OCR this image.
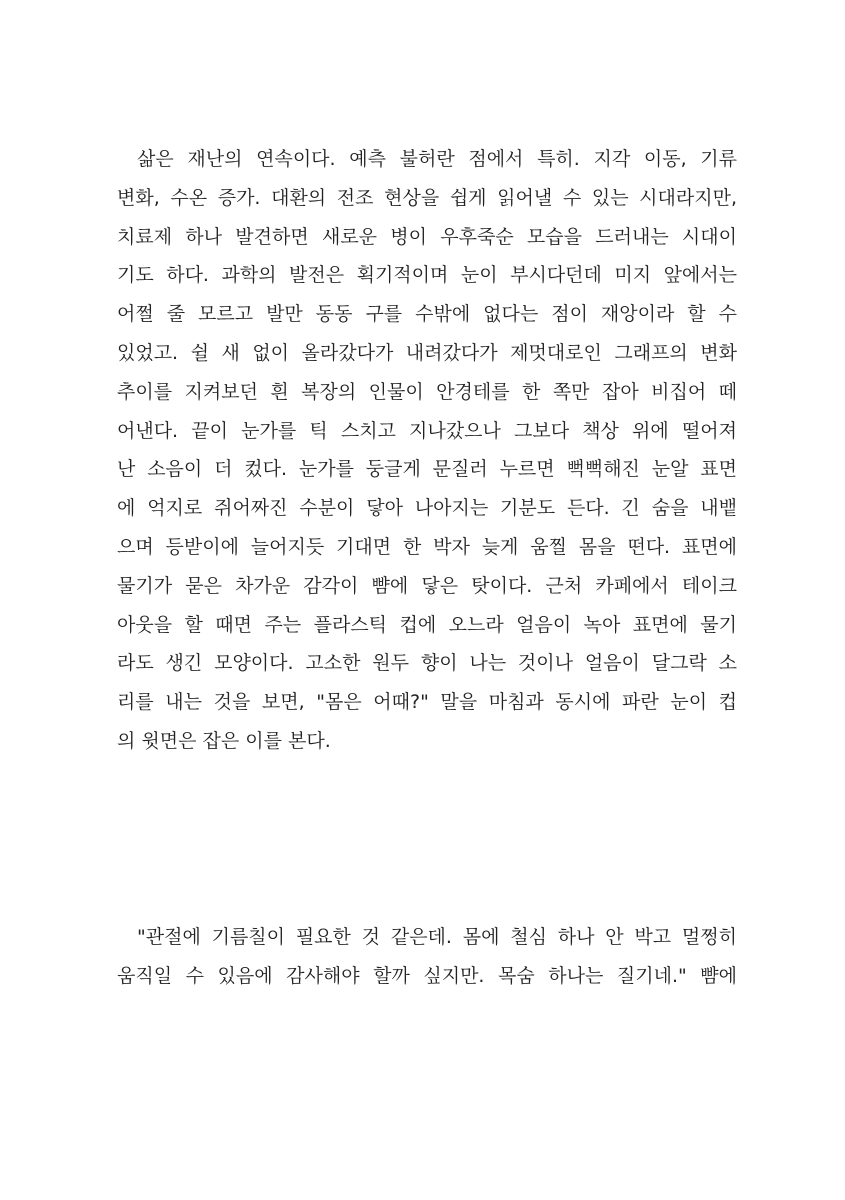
삶은 재난의 연속이다. 예측 불허란 점에서 특히. 지각 이동, 기류
변화, 수온 증가. 대환의 전조 현상을 쉽게 읽어낼 수 있는 시대라지만,
치료제 하나 발견하면 새로운 병이 우후죽순 모습을 드러내는 시대이
기도 하다. 과학의 발전은 획기적이며 눈이 부시다던데 미지 앞에서는
어쩔 줄 모르고 발만 동동 구를 수밖에 없다는 점이 재앙이라 할 수
있었고. 쉴 새 없이 올라갔다가 내려갔다가 제멋대로인 그래프의 변화
추이를 지켜보던 흰 복장의 인물이 안경테를 한 쪽만 잡아 비집어 떼
어낸다. 끝이 눈가를 틱 스치고 지나갔으나 그보다 책상 위에 떨어져
난 소음이 더 컸다. 눈가를 둥글게 문질러 누르면 뻑뻑해진 눈알 표면
에 억지로 쥐어짜진 수분이 닿아 나아지는 기분도 든다. 긴 숨을 내뱉
으며 등받이에 늘어지듯 기대면 한 박자 늦게 움찔 몸을 떤다. 표면에
물기가 묻은 차가운 감각이 뺨에 닿은 탓이다. 근처 카페에서 테이크
아웃을 할 때면 주는 플라스틱 컵에 오느라 얼음이 녹아 표면에 물기
라도 생긴 모양이다. 고소한 원두 향이 나는 것이나 얼음이 달그락 소
리를 내는 것을 보면, "몸은 어때?" 말을 마침과 동시에 파란 눈이 컵
의 윗면은 잡은 이를 본다.
"관절에 기름칠이 필요한 것 같은데. 몸에 철심 하나 안 박고 멀쩡히
움직일 수 있음에 감사해야 할까 싶지만. 목숨 하나는 질기네." 뺨에
